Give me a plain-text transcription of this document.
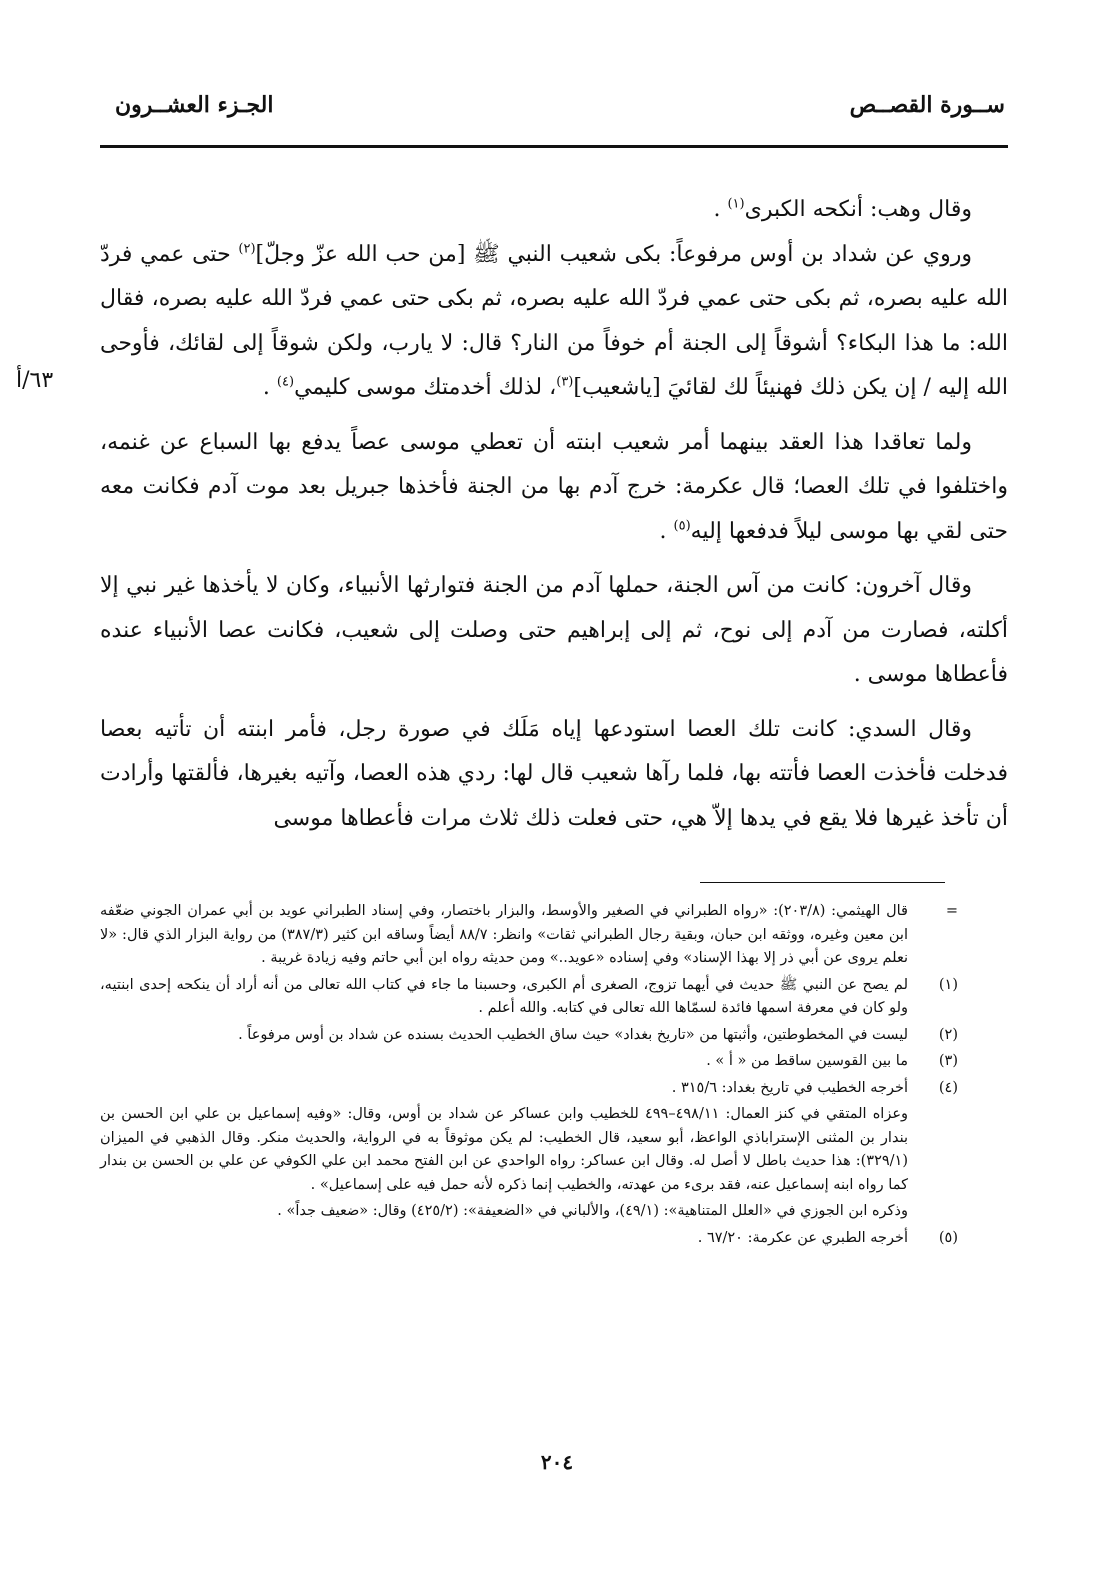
ســورة القصــص
الجـزء العشــرون
٦٣/أ

وقال وهب: أنكحه الكبرى$^{(١)}$ .

وروي عن شداد بن أوس مرفوعاً: بكى شعيب النبي ﷺ [من حب الله عزّ وجلّ]$^{(٢)}$ حتى عمي فردّ الله عليه بصره، ثم بكى حتى عمي فردّ الله عليه بصره، ثم بكى حتى عمي فردّ الله عليه بصره، فقال الله: ما هذا البكاء؟ أشوقاً إلى الجنة أم خوفاً من النار؟ قال: لا يارب، ولكن شوقاً إلى لقائك، فأوحى الله إليه / إن يكن ذلك فهنيئاً لك لقائيَ [ياشعيب]$^{(٣)}$، لذلك أخدمتك موسى كليمي$^{(٤)}$ .

ولما تعاقدا هذا العقد بينهما أمر شعيب ابنته أن تعطي موسى عصاً يدفع بها السباع عن غنمه، واختلفوا في تلك العصا؛ قال عكرمة: خرج آدم بها من الجنة فأخذها جبريل بعد موت آدم فكانت معه حتى لقي بها موسى ليلاً فدفعها إليه$^{(٥)}$ .

وقال آخرون: كانت من آس الجنة، حملها آدم من الجنة فتوارثها الأنبياء، وكان لا يأخذها غير نبي إلا أكلته، فصارت من آدم إلى نوح، ثم إلى إبراهيم حتى وصلت إلى شعيب، فكانت عصا الأنبياء عنده فأعطاها موسى .

وقال السدي: كانت تلك العصا استودعها إياه مَلَك في صورة رجل، فأمر ابنته أن تأتيه بعصا فدخلت فأخذت العصا فأتته بها، فلما رآها شعيب قال لها: ردي هذه العصا، وآتيه بغيرها، فألقتها وأرادت أن تأخذ غيرها فلا يقع في يدها إلاّ هي، حتى فعلت ذلك ثلاث مرات فأعطاها موسى

=
قال الهيثمي: (٢٠٣/٨): «رواه الطبراني في الصغير والأوسط، والبزار باختصار، وفي إسناد الطبراني عويد بن أبي عمران الجوني ضعّفه ابن معين وغيره، ووثقه ابن حبان، وبقية رجال الطبراني ثقات» وانظر: ٨٨/٧ أيضاً وساقه ابن كثير (٣٨٧/٣) من رواية البزار الذي قال: «لا نعلم يروى عن أبي ذر إلا بهذا الإسناد» وفي إسناده «عويد..» ومن حديثه رواه ابن أبي حاتم وفيه زيادة غريبة .
(١)
لم يصح عن النبي ﷺ حديث في أيهما تزوج، الصغرى أم الكبرى، وحسبنا ما جاء في كتاب الله تعالى من أنه أراد أن ينكحه إحدى ابنتيه، ولو كان في معرفة اسمها فائدة لسمّاها الله تعالى في كتابه. والله أعلم .
(٢)
ليست في المخطوطتين، وأثبتها من «تاريخ بغداد» حيث ساق الخطيب الحديث بسنده عن شداد بن أوس مرفوعاً .
(٣)
ما بين القوسين ساقط من « أ » .
(٤)
أخرجه الخطيب في تاريخ بغداد: ٣١٥/٦ .
وعزاه المتقي في كنز العمال: ٤٩٨/١١–٤٩٩ للخطيب وابن عساكر عن شداد بن أوس، وقال: «وفيه إسماعيل بن علي ابن الحسن بن بندار بن المثنى الإستراباذي الواعظ، أبو سعيد، قال الخطيب: لم يكن موثوقاً به في الرواية، والحديث منكر. وقال الذهبي في الميزان (٣٢٩/١): هذا حديث باطل لا أصل له. وقال ابن عساكر: رواه الواحدي عن ابن الفتح محمد ابن علي الكوفي عن علي بن الحسن بن بندار كما رواه ابنه إسماعيل عنه، فقد برىء من عهدته، والخطيب إنما ذكره لأنه حمل فيه على إسماعيل» .
وذكره ابن الجوزي في «العلل المتناهية»: (٤٩/١)، والألباني في «الضعيفة»: (٤٢٥/٢) وقال: «ضعيف جداً» .
(٥)
أخرجه الطبري عن عكرمة: ٦٧/٢٠ .
٢٠٤
